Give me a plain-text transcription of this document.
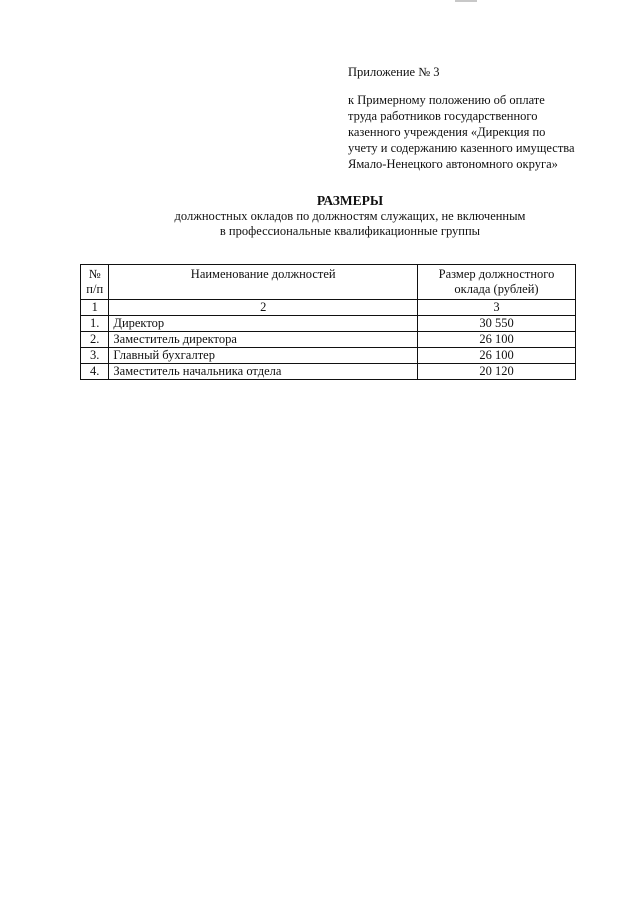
Приложение № 3
к Примерному положению об оплате
труда работников государственного
казенного учреждения «Дирекция по
учету и содержанию казенного имущества
Ямало-Ненецкого автономного округа»
РАЗМЕРЫ
должностных окладов по должностям служащих, не включенным
в профессиональные квалификационные группы
№
п/п	Наименование должностей	Размер должностного
оклада (рублей)
1	2	3
1.	Директор	30 550
2.	Заместитель директора	26 100
3.	Главный бухгалтер	26 100
4.	Заместитель начальника отдела	20 120
